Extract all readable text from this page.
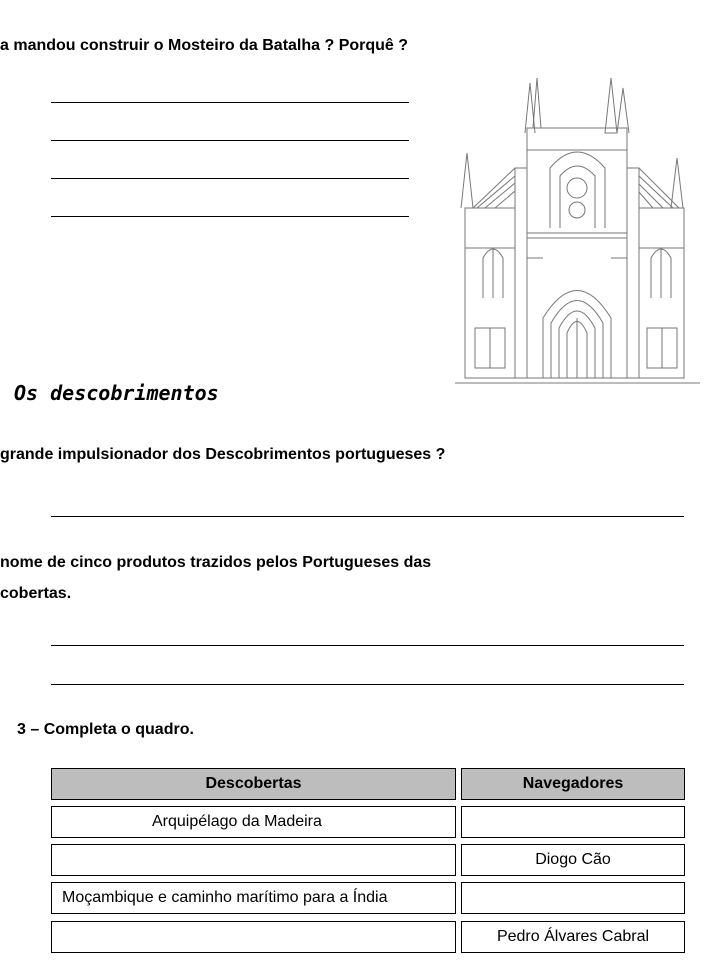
a mandou construir o Mosteiro da Batalha ? Porquê ?
Os descobrimentos
grande impulsionador dos Descobrimentos portugueses ?
nome de cinco produtos trazidos pelos Portugueses das
cobertas.
3 – Completa o quadro.
Descobertas	Navegadores
Arquipélago da Madeira
Diogo Cão
Moçambique e caminho marítimo para a Índia
Pedro Álvares Cabral
